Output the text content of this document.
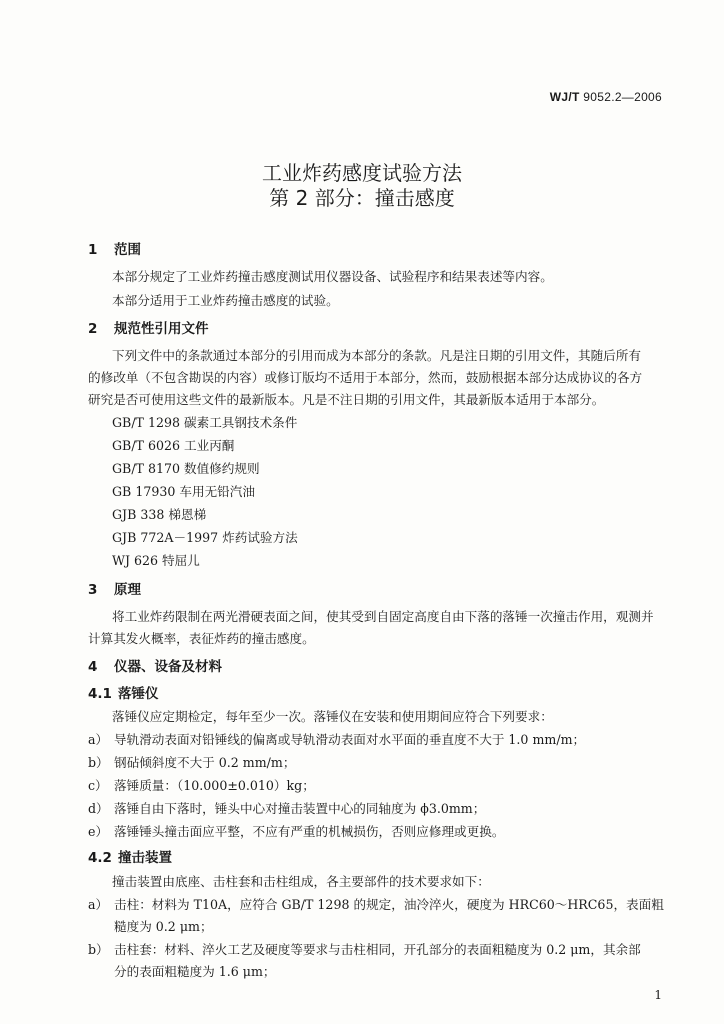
WJ/T 9052.2—2006
工业炸药感度试验方法
第 2 部分：撞击感度
1 范围
本部分规定了工业炸药撞击感度测试用仪器设备、试验程序和结果表述等内容。
本部分适用于工业炸药撞击感度的试验。
2 规范性引用文件
下列文件中的条款通过本部分的引用而成为本部分的条款。凡是注日期的引用文件，其随后所有
的修改单（不包含勘误的内容）或修订版均不适用于本部分，然而，鼓励根据本部分达成协议的各方
研究是否可使用这些文件的最新版本。凡是不注日期的引用文件，其最新版本适用于本部分。
GB/T 1298 碳素工具钢技术条件
GB/T 6026 工业丙酮
GB/T 8170 数值修约规则
GB 17930 车用无铅汽油
GJB 338 梯恩梯
GJB 772A－1997 炸药试验方法
WJ 626 特屈儿
3 原理
将工业炸药限制在两光滑硬表面之间，使其受到自固定高度自由下落的落锤一次撞击作用，观测并
计算其发火概率，表征炸药的撞击感度。
4 仪器、设备及材料
4.1 落锤仪
落锤仪应定期检定，每年至少一次。落锤仪在安装和使用期间应符合下列要求：
a） 导轨滑动表面对铅锤线的偏离或导轨滑动表面对水平面的垂直度不大于 1.0 mm/m；
b） 钢砧倾斜度不大于 0.2 mm/m；
c） 落锤质量：（10.000±0.010）kg；
d） 落锤自由下落时，锤头中心对撞击装置中心的同轴度为 ϕ3.0mm；
e） 落锤锤头撞击面应平整，不应有严重的机械损伤，否则应修理或更换。
4.2 撞击装置
撞击装置由底座、击柱套和击柱组成，各主要部件的技术要求如下：
a） 击柱：材料为 T10A，应符合 GB/T 1298 的规定，油冷淬火，硬度为 HRC60～HRC65，表面粗
糙度为 0.2 μm；
b） 击柱套：材料、淬火工艺及硬度等要求与击柱相同，开孔部分的表面粗糙度为 0.2 μm，其余部
分的表面粗糙度为 1.6 μm；
1
